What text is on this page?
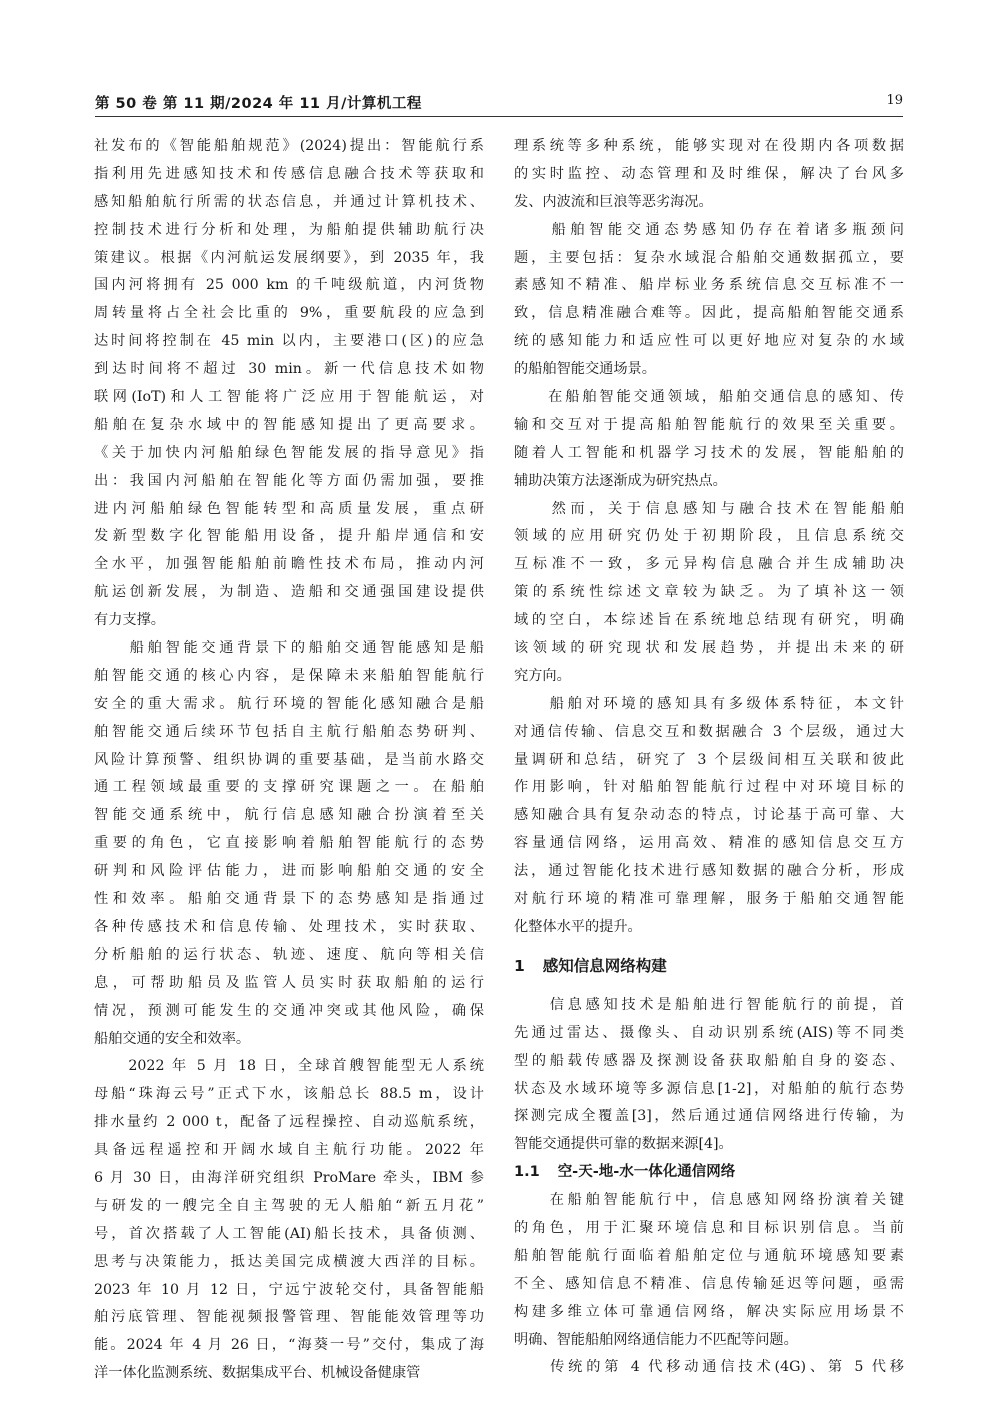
第 50 卷 第 11 期/2024 年 11 月/计算机工程	19
社发布的《智能船舶规范》(2024)提出：智能航行系
指利用先进感知技术和传感信息融合技术等获取和
感知船舶航行所需的状态信息，并通过计算机技术、
控制技术进行分析和处理，为船舶提供辅助航行决
策建议。根据《内河航运发展纲要》，到 2035 年，我
国内河将拥有 25 000 km 的千吨级航道，内河货物
周转量将占全社会比重的 9%，重要航段的应急到
达时间将控制在 45 min 以内，主要港口(区)的应急
到达时间将不超过 30 min。新一代信息技术如物
联网(IoT)和人工智能将广泛应用于智能航运，对
船舶在复杂水域中的智能感知提出了更高要求。
《关于加快内河船舶绿色智能发展的指导意见》指
出：我国内河船舶在智能化等方面仍需加强，要推
进内河船舶绿色智能转型和高质量发展，重点研
发新型数字化智能船用设备，提升船岸通信和安
全水平，加强智能船舶前瞻性技术布局，推动内河
航运创新发展，为制造、造船和交通强国建设提供
有力支撑。
　　船舶智能交通背景下的船舶交通智能感知是船
舶智能交通的核心内容，是保障未来船舶智能航行
安全的重大需求。航行环境的智能化感知融合是船
舶智能交通后续环节包括自主航行船舶态势研判、
风险计算预警、组织协调的重要基础，是当前水路交
通工程领域最重要的支撑研究课题之一。在船舶
智能交通系统中，航行信息感知融合扮演着至关
重要的角色，它直接影响着船舶智能航行的态势
研判和风险评估能力，进而影响船舶交通的安全
性和效率。船舶交通背景下的态势感知是指通过
各种传感技术和信息传输、处理技术，实时获取、
分析船舶的运行状态、轨迹、速度、航向等相关信
息，可帮助船员及监管人员实时获取船舶的运行
情况，预测可能发生的交通冲突或其他风险，确保
船舶交通的安全和效率。
　　2022 年 5 月 18 日，全球首艘智能型无人系统
母船“珠海云号”正式下水，该船总长 88.5 m，设计
排水量约 2 000 t，配备了远程操控、自动巡航系统，
具备远程遥控和开阔水域自主航行功能。2022 年
6 月 30 日，由海洋研究组织 ProMare 牵头，IBM 参
与研发的一艘完全自主驾驶的无人船舶“新五月花”
号，首次搭载了人工智能(AI)船长技术，具备侦测、
思考与决策能力，抵达美国完成横渡大西洋的目标。
2023 年 10 月 12 日，宁远宁波轮交付，具备智能船
舶污底管理、智能视频报警管理、智能能效管理等功
能。2024 年 4 月 26 日，“海葵一号”交付，集成了海
洋一体化监测系统、数据集成平台、机械设备健康管
理系统等多种系统，能够实现对在役期内各项数据
的实时监控、动态管理和及时维保，解决了台风多
发、内波流和巨浪等恶劣海况。
　　船舶智能交通态势感知仍存在着诸多瓶颈问
题，主要包括：复杂水域混合船舶交通数据孤立，要
素感知不精准、船岸标业务系统信息交互标准不一
致，信息精准融合难等。因此，提高船舶智能交通系
统的感知能力和适应性可以更好地应对复杂的水域
的船舶智能交通场景。
　　在船舶智能交通领域，船舶交通信息的感知、传
输和交互对于提高船舶智能航行的效果至关重要。
随着人工智能和机器学习技术的发展，智能船舶的
辅助决策方法逐渐成为研究热点。
　　然而，关于信息感知与融合技术在智能船舶
领域的应用研究仍处于初期阶段，且信息系统交
互标准不一致，多元异构信息融合并生成辅助决
策的系统性综述文章较为缺乏。为了填补这一领
域的空白，本综述旨在系统地总结现有研究，明确
该领域的研究现状和发展趋势，并提出未来的研
究方向。
　　船舶对环境的感知具有多级体系特征，本文针
对通信传输、信息交互和数据融合 3 个层级，通过大
量调研和总结，研究了 3 个层级间相互关联和彼此
作用影响，针对船舶智能航行过程中对环境目标的
感知融合具有复杂动态的特点，讨论基于高可靠、大
容量通信网络，运用高效、精准的感知信息交互方
法，通过智能化技术进行感知数据的融合分析，形成
对航行环境的精准可靠理解，服务于船舶交通智能
化整体水平的提升。
1 感知信息网络构建
　　信息感知技术是船舶进行智能航行的前提，首
先通过雷达、摄像头、自动识别系统(AIS)等不同类
型的船载传感器及探测设备获取船舶自身的姿态、
状态及水域环境等多源信息[1-2]，对船舶的航行态势
探测完成全覆盖[3]，然后通过通信网络进行传输，为
智能交通提供可靠的数据来源[4]。
1.1 空-天-地-水一体化通信网络
　　在船舶智能航行中，信息感知网络扮演着关键
的角色，用于汇聚环境信息和目标识别信息。当前
船舶智能航行面临着船舶定位与通航环境感知要素
不全、感知信息不精准、信息传输延迟等问题，亟需
构建多维立体可靠通信网络，解决实际应用场景不
明确、智能船舶网络通信能力不匹配等问题。
　　传统的第 4 代移动通信技术(4G)、第 5 代移
